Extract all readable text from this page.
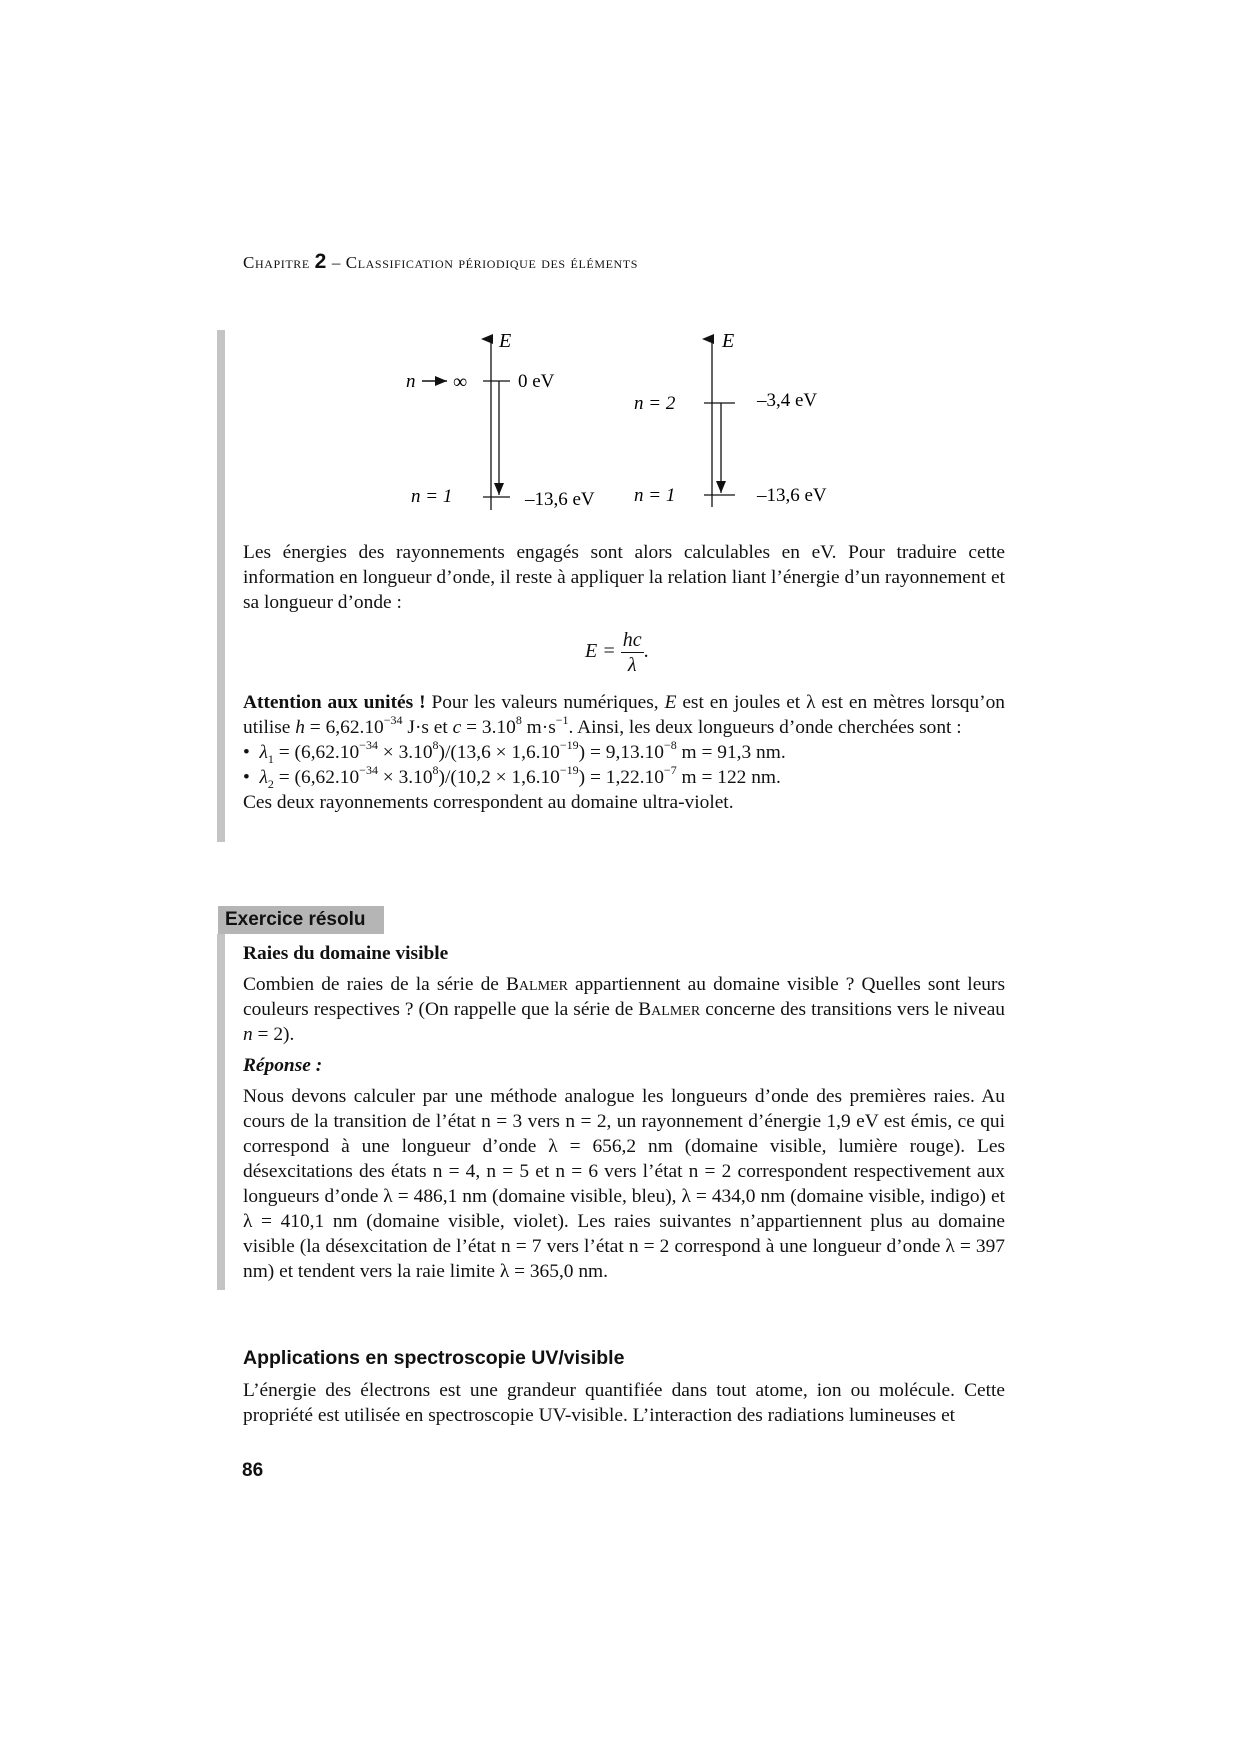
Chapitre 2 – Classification périodique des éléments
E
n ∞	0 eV
n = 1	–13,6 eV
E
n = 2	–3,4 eV
n = 1	–13,6 eV

Les énergies des rayonnements engagés sont alors calculables en eV. Pour traduire cette information en longueur d’onde, il reste à appliquer la relation liant l’énergie d’un rayonnement et sa longueur d’onde :

$E = \frac{hc}{\lambda}$ .

Attention aux unités ! Pour les valeurs numériques, E est en joules et λ est en mètres lorsqu’on utilise $h = 6,62.10^{-34}$ J·s et $c = 3.10^8$ $m\cdot s^{-1}$. Ainsi, les deux longueurs d’onde cherchées sont :

• $\lambda_1 = (6,62.10^{-34} \times 3.10^8)/(13,6 \times 1,6.10^{-19}) = 9,13.10^{-8}$ m = 91,3 nm.
• $\lambda_2 = (6,62.10^{-34} \times 3.10^8)/(10,2 \times 1,6.10^{-19}) = 1,22.10^{-7}$ m = 122 nm.

Ces deux rayonnements correspondent au domaine ultra-violet.

Exercice résolu

Raies du domaine visible

Combien de raies de la série de Balmer appartiennent au domaine visible ? Quelles sont leurs couleurs respectives ? (On rappelle que la série de Balmer concerne des transitions vers le niveau n = 2).

Réponse :

Nous devons calculer par une méthode analogue les longueurs d’onde des premières raies. Au cours de la transition de l’état n = 3 vers n = 2, un rayonnement d’énergie 1,9 eV est émis, ce qui correspond à une longueur d’onde λ = 656,2 nm (domaine visible, lumière rouge). Les désexcitations des états n = 4, n = 5 et n = 6 vers l’état n = 2 correspondent respectivement aux longueurs d’onde λ = 486,1 nm (domaine visible, bleu), λ = 434,0 nm (domaine visible, indigo) et λ = 410,1 nm (domaine visible, violet). Les raies suivantes n’appartiennent plus au domaine visible (la désexcitation de l’état n = 7 vers l’état n = 2 correspond à une longueur d’onde λ = 397 nm) et tendent vers la raie limite λ = 365,0 nm.

Applications en spectroscopie UV/visible

L’énergie des électrons est une grandeur quantifiée dans tout atome, ion ou molécule. Cette propriété est utilisée en spectroscopie UV-visible. L’interaction des radiations lumineuses et

86
